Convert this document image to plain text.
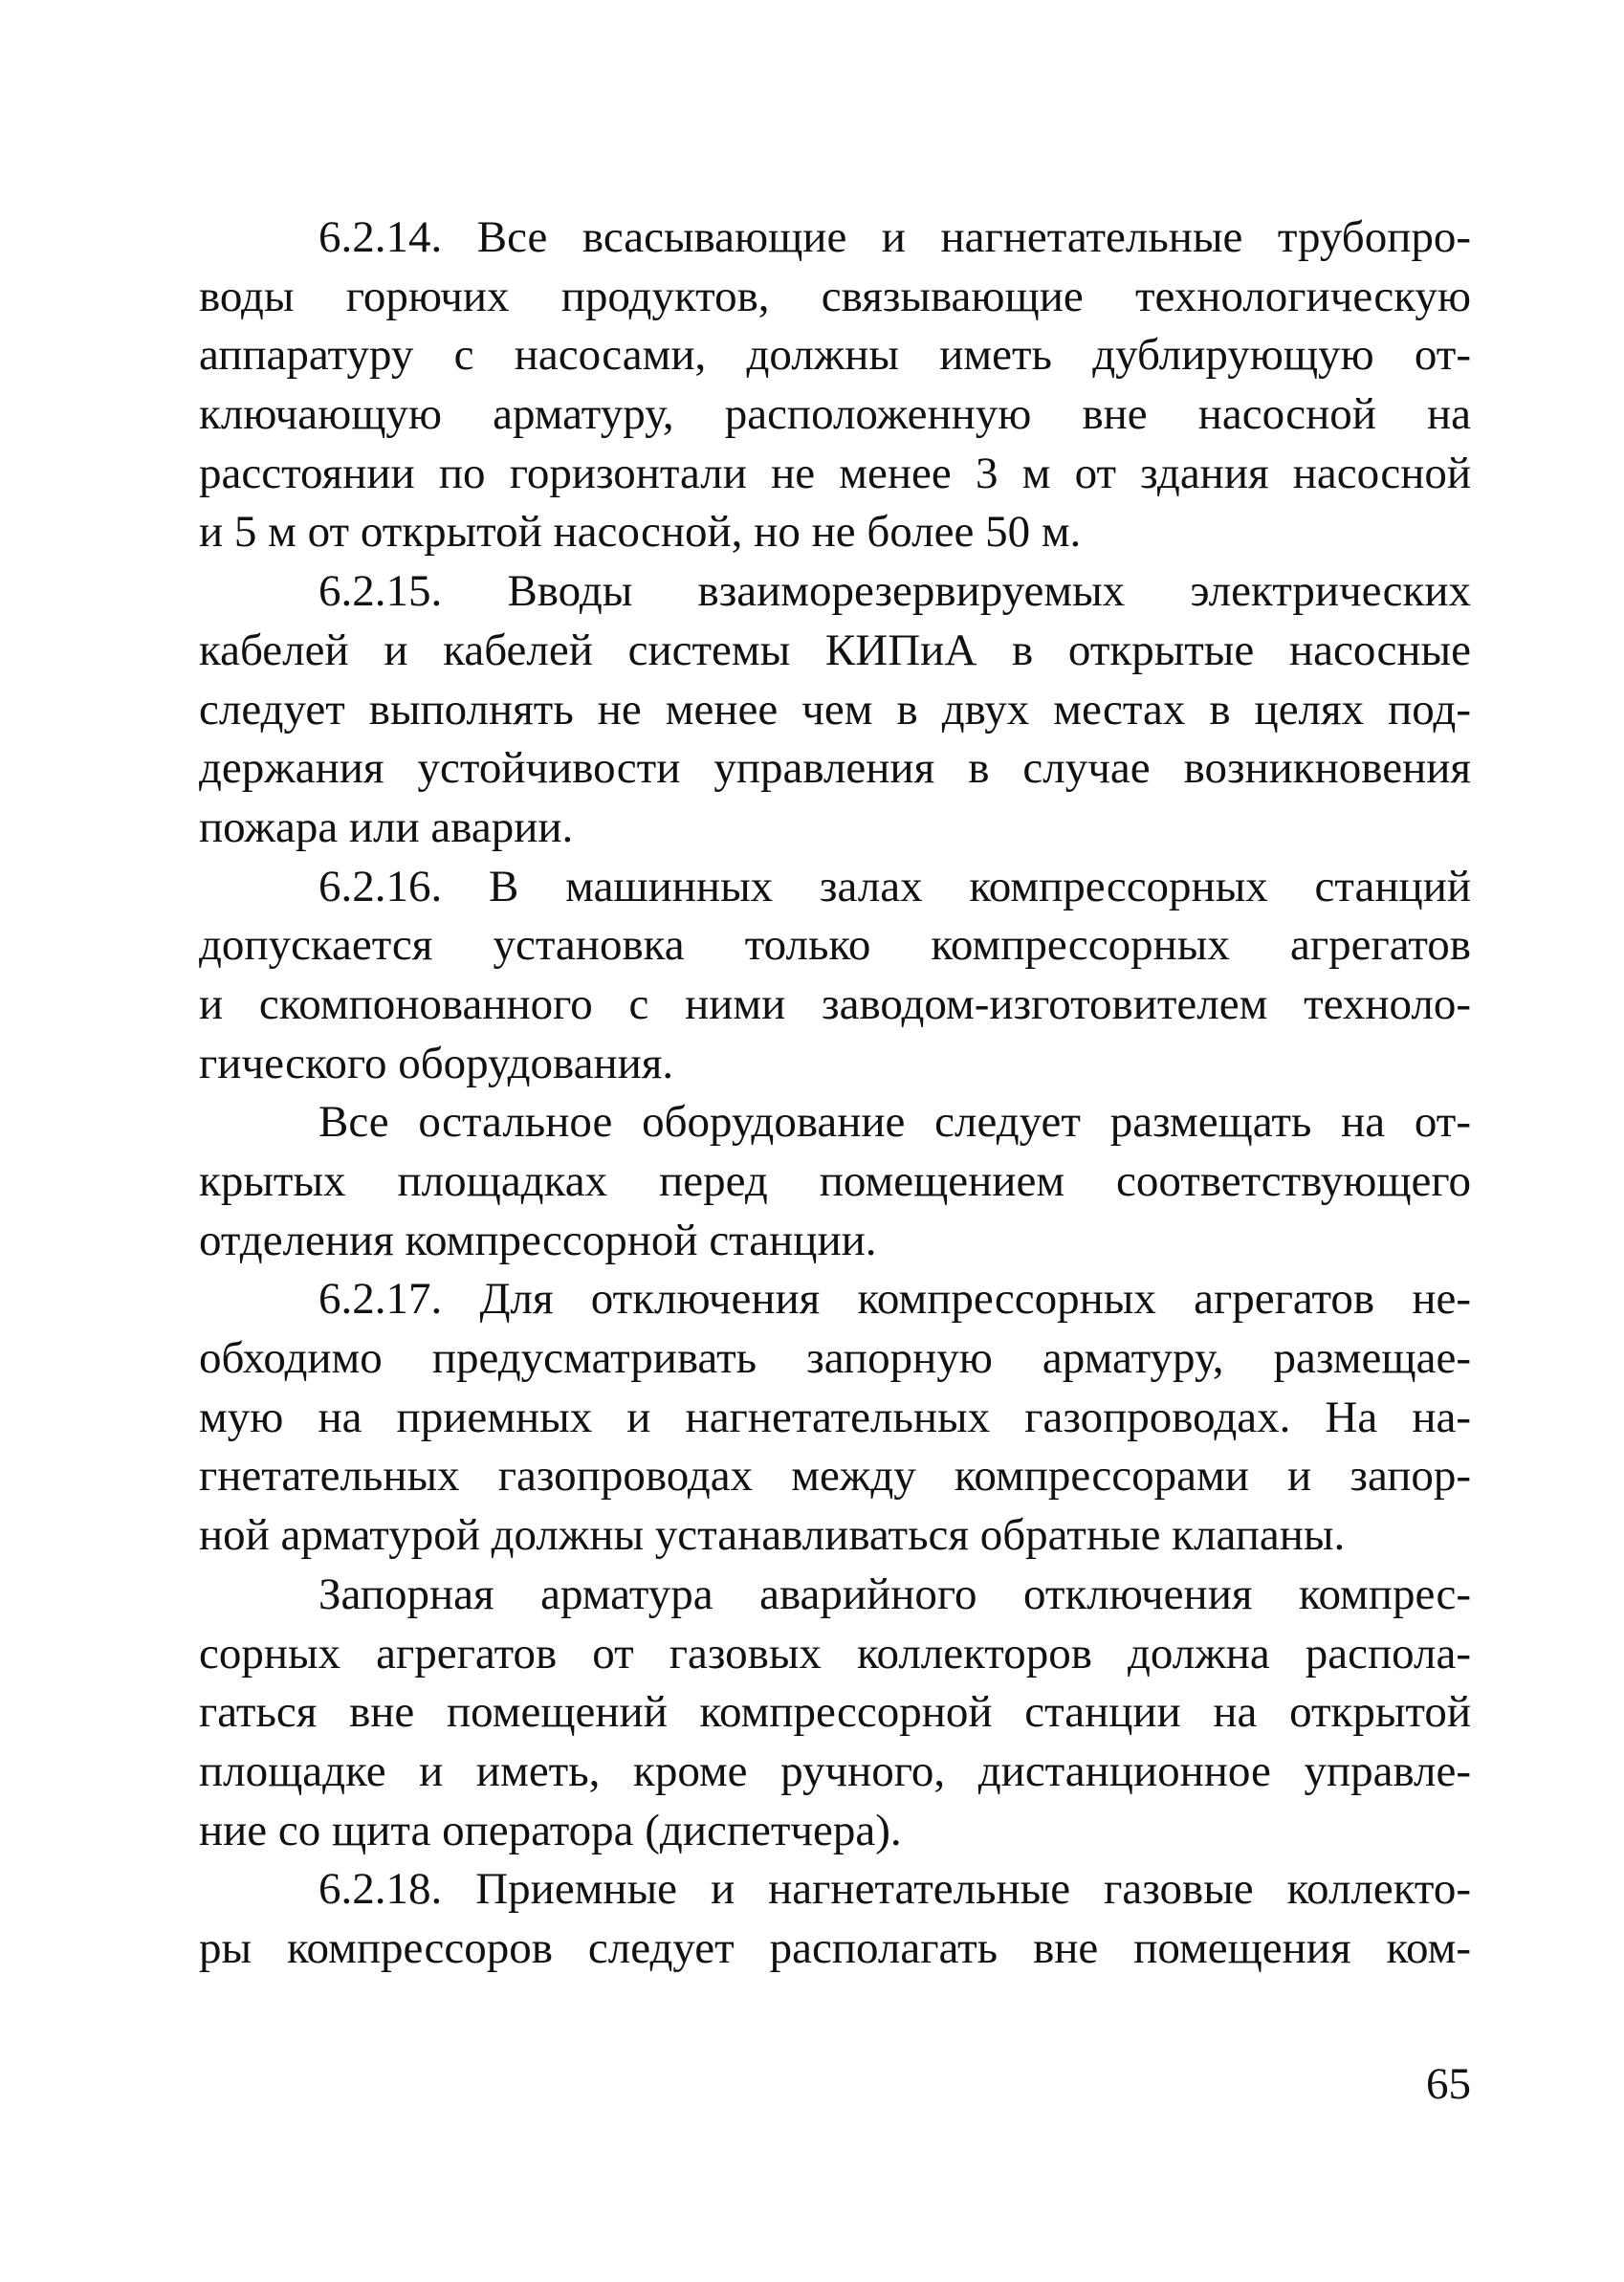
6.2.14. Все всасывающие и нагнетательные трубопро-
воды горючих продуктов, связывающие технологическую
аппаратуру с насосами, должны иметь дублирующую от-
ключающую арматуру, расположенную вне насосной на
расстоянии по горизонтали не менее 3 м от здания насосной
и 5 м от открытой насосной, но не более 50 м.

6.2.15. Вводы взаиморезервируемых электрических
кабелей и кабелей системы КИПиА в открытые насосные
следует выполнять не менее чем в двух местах в целях под-
держания устойчивости управления в случае возникновения
пожара или аварии.

6.2.16. В машинных залах компрессорных станций
допускается установка только компрессорных агрегатов
и скомпонованного с ними заводом-изготовителем техноло-
гического оборудования.

Все остальное оборудование следует размещать на от-
крытых площадках перед помещением соответствующего
отделения компрессорной станции.

6.2.17. Для отключения компрессорных агрегатов не-
обходимо предусматривать запорную арматуру, размещае-
мую на приемных и нагнетательных газопроводах. На на-
гнетательных газопроводах между компрессорами и запор-
ной арматурой должны устанавливаться обратные клапаны.

Запорная арматура аварийного отключения компрес-
сорных агрегатов от газовых коллекторов должна распола-
гаться вне помещений компрессорной станции на открытой
площадке и иметь, кроме ручного, дистанционное управле-
ние со щита оператора (диспетчера).

6.2.18. Приемные и нагнетательные газовые коллекто-
ры компрессоров следует располагать вне помещения ком-

65
